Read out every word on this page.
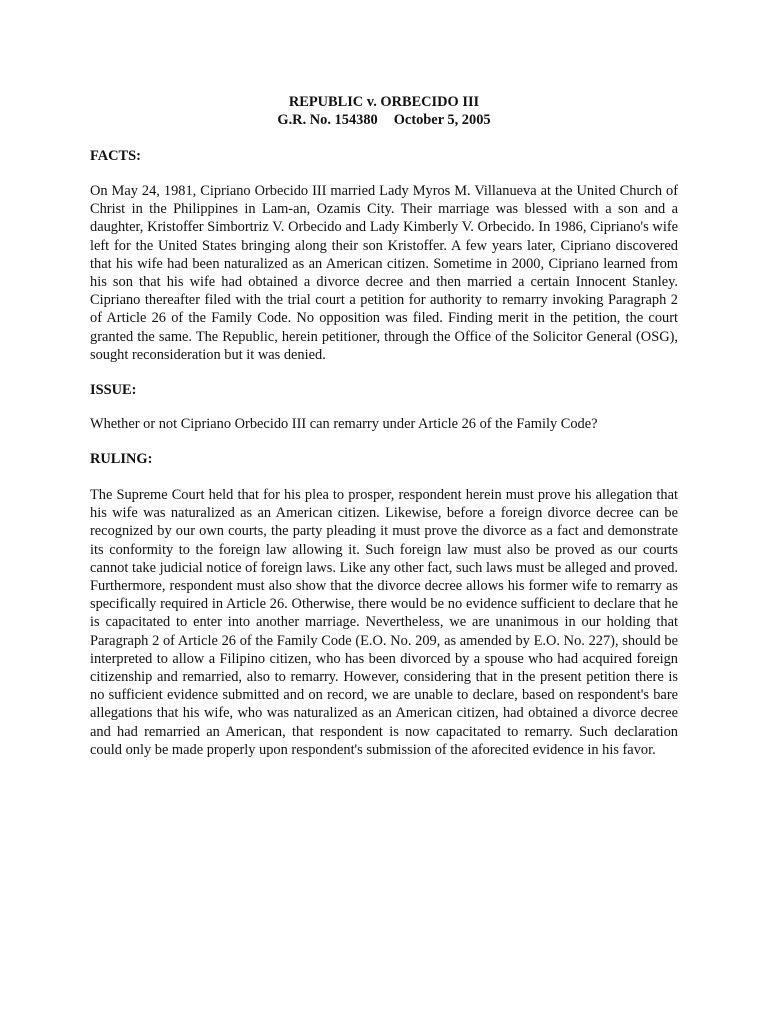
REPUBLIC v. ORBECIDO III
G.R. No. 154380 October 5, 2005
FACTS:

On May 24, 1981, Cipriano Orbecido III married Lady Myros M. Villanueva at the United Church of Christ in the Philippines in Lam-an, Ozamis City. Their marriage was blessed with a son and a daughter, Kristoffer Simbortriz V. Orbecido and Lady Kimberly V. Orbecido. In 1986, Cipriano's wife left for the United States bringing along their son Kristoffer. A few years later, Cipriano discovered that his wife had been naturalized as an American citizen. Sometime in 2000, Cipriano learned from his son that his wife had obtained a divorce decree and then married a certain Innocent Stanley. Cipriano thereafter filed with the trial court a petition for authority to remarry invoking Paragraph 2 of Article 26 of the Family Code. No opposition was filed. Finding merit in the petition, the court granted the same. The Republic, herein petitioner, through the Office of the Solicitor General (OSG), sought reconsideration but it was denied.

ISSUE:

Whether or not Cipriano Orbecido III can remarry under Article 26 of the Family Code?

RULING:

The Supreme Court held that for his plea to prosper, respondent herein must prove his allegation that his wife was naturalized as an American citizen. Likewise, before a foreign divorce decree can be recognized by our own courts, the party pleading it must prove the divorce as a fact and demonstrate its conformity to the foreign law allowing it. Such foreign law must also be proved as our courts cannot take judicial notice of foreign laws. Like any other fact, such laws must be alleged and proved. Furthermore, respondent must also show that the divorce decree allows his former wife to remarry as specifically required in Article 26. Otherwise, there would be no evidence sufficient to declare that he is capacitated to enter into another marriage. Nevertheless, we are unanimous in our holding that Paragraph 2 of Article 26 of the Family Code (E.O. No. 209, as amended by E.O. No. 227), should be interpreted to allow a Filipino citizen, who has been divorced by a spouse who had acquired foreign citizenship and remarried, also to remarry. However, considering that in the present petition there is no sufficient evidence submitted and on record, we are unable to declare, based on respondent's bare allegations that his wife, who was naturalized as an American citizen, had obtained a divorce decree and had remarried an American, that respondent is now capacitated to remarry. Such declaration could only be made properly upon respondent's submission of the aforecited evidence in his favor.
